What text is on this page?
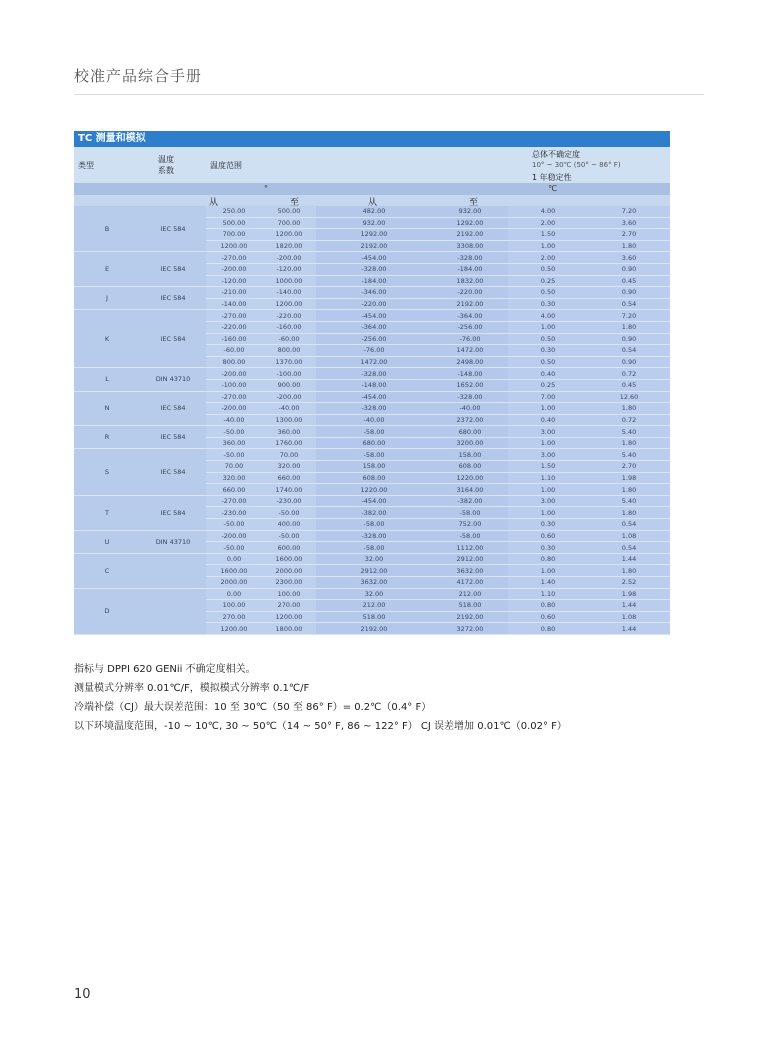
校准产品综合手册
TC 测量和模拟
类型
温度
系数
温度范围
总体不确定度
10° ~ 30℃ (50° ~ 86° F)
1 年稳定性
°	℃
从	至	从	至
B	IEC 584	250.00	500.00	482.00	932.00	4.00	7.20
		500.00	700.00	932.00	1292.00	2.00	3.60
		700.00	1200.00	1292.00	2192.00	1.50	2.70
		1200.00	1820.00	2192.00	3308.00	1.00	1.80
E	IEC 584	-270.00	-200.00	-454.00	-328.00	2.00	3.60
		-200.00	-120.00	-328.00	-184.00	0.50	0.90
		-120.00	1000.00	-184.00	1832.00	0.25	0.45
J	IEC 584	-210.00	-140.00	-346.00	-220.00	0.50	0.90
		-140.00	1200.00	-220.00	2192.00	0.30	0.54
K	IEC 584	-270.00	-220.00	-454.00	-364.00	4.00	7.20
		-220.00	-160.00	-364.00	-256.00	1.00	1.80
		-160.00	-60.00	-256.00	-76.00	0.50	0.90
		-60.00	800.00	-76.00	1472.00	0.30	0.54
		800.00	1370.00	1472.00	2498.00	0.50	0.90
L	DIN 43710	-200.00	-100.00	-328.00	-148.00	0.40	0.72
		-100.00	900.00	-148.00	1652.00	0.25	0.45
N	IEC 584	-270.00	-200.00	-454.00	-328.00	7.00	12.60
		-200.00	-40.00	-328.00	-40.00	1.00	1.80
		-40.00	1300.00	-40.00	2372.00	0.40	0.72
R	IEC 584	-50.00	360.00	-58.00	680.00	3.00	5.40
		360.00	1760.00	680.00	3200.00	1.00	1.80
S	IEC 584	-50.00	70.00	-58.00	158.00	3.00	5.40
		70.00	320.00	158.00	608.00	1.50	2.70
		320.00	660.00	608.00	1220.00	1.10	1.98
		660.00	1740.00	1220.00	3164.00	1.00	1.80
T	IEC 584	-270.00	-230.00	-454.00	-382.00	3.00	5.40
		-230.00	-50.00	-382.00	-58.00	1.00	1.80
		-50.00	400.00	-58.00	752.00	0.30	0.54
U	DIN 43710	-200.00	-50.00	-328.00	-58.00	0.60	1.08
		-50.00	600.00	-58.00	1112.00	0.30	0.54
C		0.00	1600.00	32.00	2912.00	0.80	1.44
		1600.00	2000.00	2912.00	3632.00	1.00	1.80
		2000.00	2300.00	3632.00	4172.00	1.40	2.52
D		0.00	100.00	32.00	212.00	1.10	1.98
		100.00	270.00	212.00	518.00	0.80	1.44
		270.00	1200.00	518.00	2192.00	0.60	1.08
		1200.00	1800.00	2192.00	3272.00	0.80	1.44
指标与 DPPI 620 GENii 不确定度相关。
测量模式分辨率 0.01℃/F，模拟模式分辨率 0.1℃/F
冷端补偿（CJ）最大误差范围：10 至 30℃（50 至 86° F）= 0.2℃（0.4° F）
以下环境温度范围，-10 ~ 10℃, 30 ~ 50℃（14 ~ 50° F, 86 ~ 122° F） CJ 误差增加 0.01℃（0.02° F）
10
